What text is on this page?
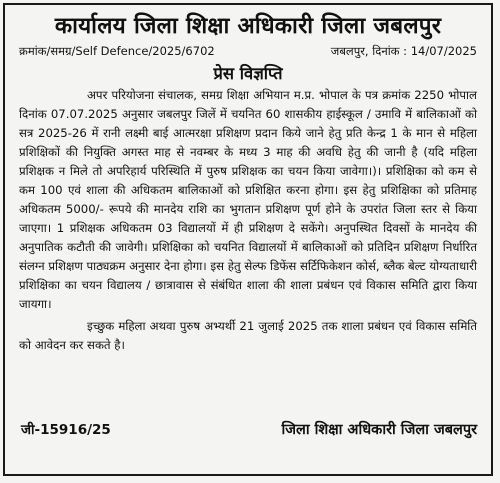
कार्यालय जिला शिक्षा अधिकारी जिला जबलपुर
क्रमांक/समग्र/Self Defence/2025/6702	जबलपुर, दिनांक : 14/07/2025
प्रेस विज्ञप्ति

अपर परियोजना संचालक, समग्र शिक्षा अभियान म.प्र. भोपाल के पत्र क्रमांक 2250 भोपाल दिनांक 07.07.2025 अनुसार जबलपुर जिलें में चयनित 60 शासकीय हाईस्कूल / उमावि में बालिकाओं को सत्र 2025-26 में रानी लक्ष्मी बाई आत्मरक्षा प्रशिक्षण प्रदान किये जाने हेतु प्रति केन्द्र 1 के मान से महिला प्रशिक्षिकों की नियुक्ति अगस्त माह से नवम्बर के मध्य 3 माह की अवधि हेतु की जानी है (यदि महिला प्रशिक्षक न मिले तो अपरिहार्य परिस्थिति में पुरुष प्रशिक्षक का चयन किया जावेगा।)। प्रशिक्षिका को कम से कम 100 एवं शाला की अधिकतम बालिकाओं को प्रशिक्षित करना होगा। इस हेतु प्रशिक्षिका को प्रतिमाह अधिकतम 5000/- रूपये की मानदेय राशि का भुगतान प्रशिक्षण पूर्ण होने के उपरांत जिला स्तर से किया जाएगा। 1 प्रशिक्षक अधिकतम 03 विद्यालयों में ही प्रशिक्षण दे सकेंगे। अनुपस्थित दिवसों के मानदेय की अनुपातिक कटौती की जावेगी। प्रशिक्षिका को चयनित विद्यालयों में बालिकाओं को प्रतिदिन प्रशिक्षण निर्धारित संलग्न प्रशिक्षण पाठ्यक्रम अनुसार देना होगा। इस हेतु सेल्फ डिफेंस सर्टिफिकेशन कोर्स, ब्लैक बेल्ट योग्यताधारी प्रशिक्षिका का चयन विद्यालय / छात्रावास से संबंधित शाला की शाला प्रबंधन एवं विकास समिति द्वारा किया जायगा।

इच्छुक महिला अथवा पुरुष अभ्यर्थी 21 जुलाई 2025 तक शाला प्रबंधन एवं विकास समिति को आवेदन कर सकते है।

जी-15916/25	जिला शिक्षा अधिकारी जिला जबलपुर
